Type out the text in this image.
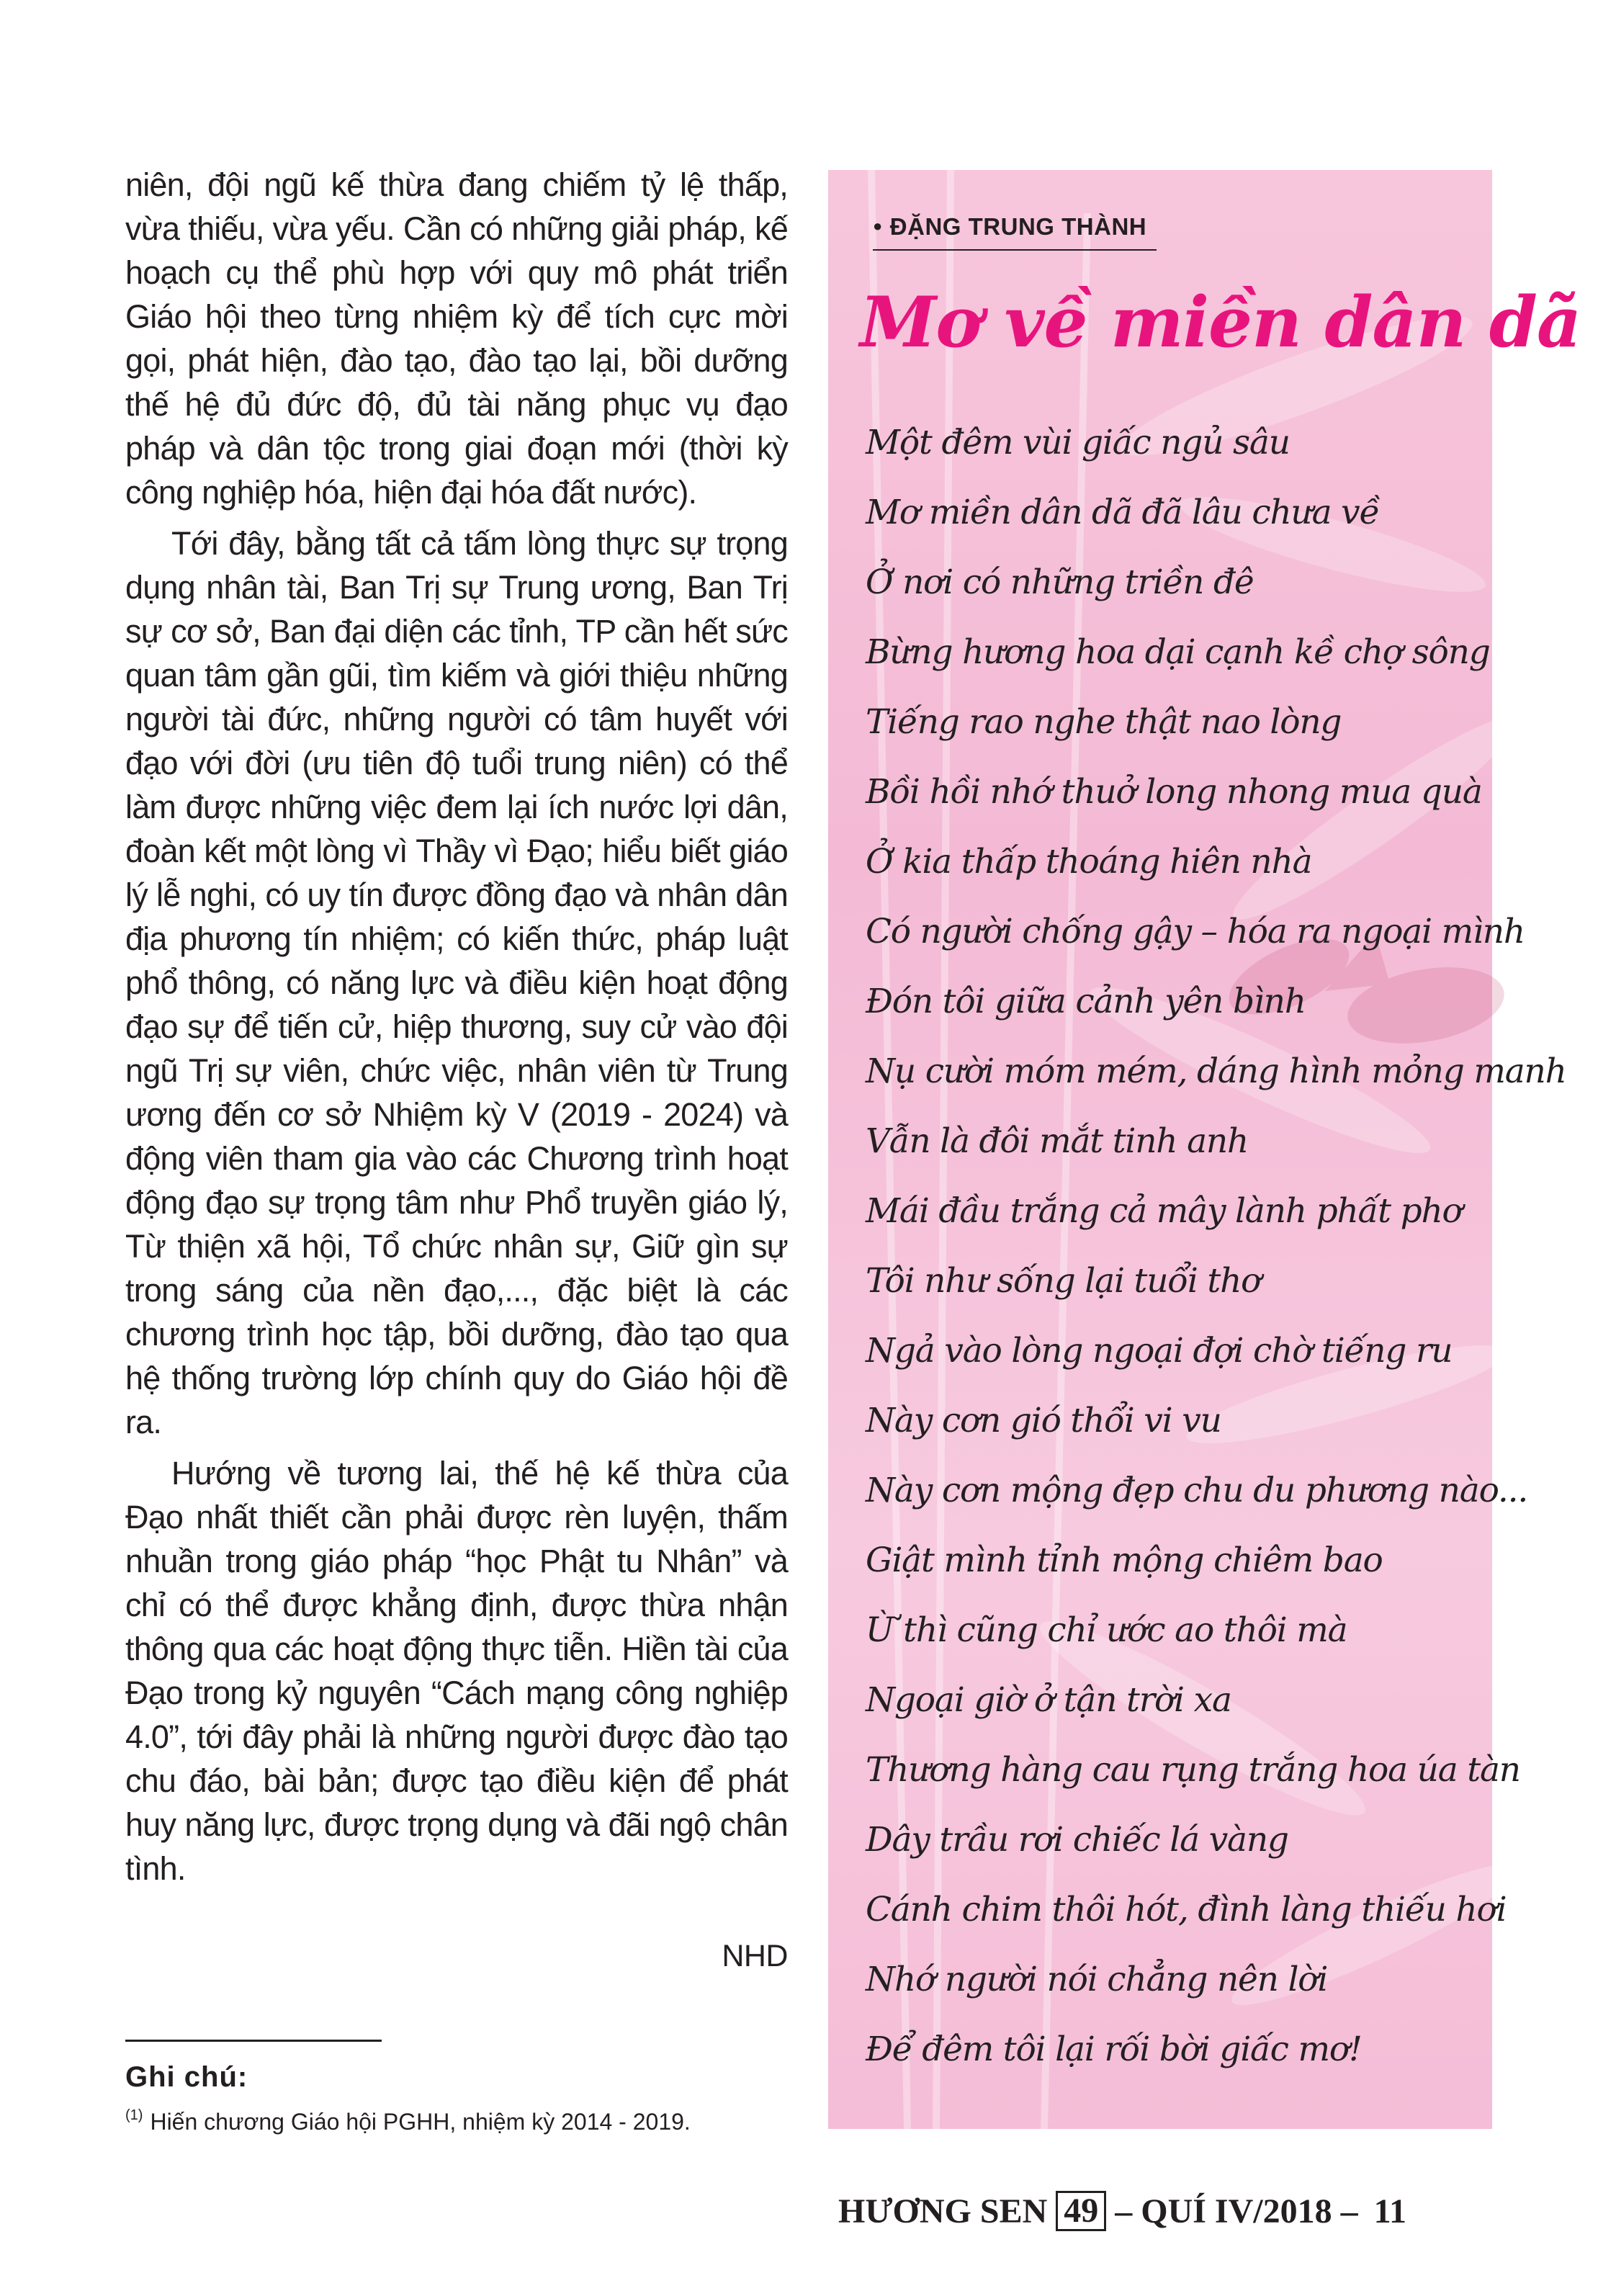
niên, đội ngũ kế thừa đang chiếm tỷ lệ thấp, vừa thiếu, vừa yếu. Cần có những giải pháp, kế hoạch cụ thể phù hợp với quy mô phát triển Giáo hội theo từng nhiệm kỳ để tích cực mời gọi, phát hiện, đào tạo, đào tạo lại, bồi dưỡng thế hệ đủ đức độ, đủ tài năng phục vụ đạo pháp và dân tộc trong giai đoạn mới (thời kỳ công nghiệp hóa, hiện đại hóa đất nước).

Tới đây, bằng tất cả tấm lòng thực sự trọng dụng nhân tài, Ban Trị sự Trung ương, Ban Trị sự cơ sở, Ban đại diện các tỉnh, TP cần hết sức quan tâm gần gũi, tìm kiếm và giới thiệu những người tài đức, những người có tâm huyết với đạo với đời (ưu tiên độ tuổi trung niên) có thể làm được những việc đem lại ích nước lợi dân, đoàn kết một lòng vì Thầy vì Đạo; hiểu biết giáo lý lễ nghi, có uy tín được đồng đạo và nhân dân địa phương tín nhiệm; có kiến thức, pháp luật phổ thông, có năng lực và điều kiện hoạt động đạo sự để tiến cử, hiệp thương, suy cử vào đội ngũ Trị sự viên, chức việc, nhân viên từ Trung ương đến cơ sở Nhiệm kỳ V (2019 - 2024) và động viên tham gia vào các Chương trình hoạt động đạo sự trọng tâm như Phổ truyền giáo lý, Từ thiện xã hội, Tổ chức nhân sự, Giữ gìn sự trong sáng của nền đạo,..., đặc biệt là các chương trình học tập, bồi dưỡng, đào tạo qua hệ thống trường lớp chính quy do Giáo hội đề ra.

Hướng về tương lai, thế hệ kế thừa của Đạo nhất thiết cần phải được rèn luyện, thấm nhuần trong giáo pháp “học Phật tu Nhân” và chỉ có thể được khẳng định, được thừa nhận thông qua các hoạt động thực tiễn. Hiền tài của Đạo trong kỷ nguyên “Cách mạng công nghiệp 4.0”, tới đây phải là những người được đào tạo chu đáo, bài bản; được tạo điều kiện để phát huy năng lực, được trọng dụng và đãi ngộ chân tình.

NHD
Ghi chú:
$^{(1)}$ Hiến chương Giáo hội PGHH, nhiệm kỳ 2014 - 2019.
● ĐẶNG TRUNG THÀNH
Mơ về miền dân dã
Một đêm vùi giấc ngủ sâu
Mơ miền dân dã đã lâu chưa về
Ở nơi có những triền đê
Bừng hương hoa dại cạnh kề chợ sông
Tiếng rao nghe thật nao lòng
Bồi hồi nhớ thuở long nhong mua quà
Ở kia thấp thoáng hiên nhà
Có người chống gậy – hóa ra ngoại mình
Đón tôi giữa cảnh yên bình
Nụ cười móm mém, dáng hình mỏng manh
Vẫn là đôi mắt tinh anh
Mái đầu trắng cả mây lành phất phơ
Tôi như sống lại tuổi thơ
Ngả vào lòng ngoại đợi chờ tiếng ru
Này cơn gió thổi vi vu
Này cơn mộng đẹp chu du phương nào...
Giật mình tỉnh mộng chiêm bao
Ừ thì cũng chỉ ước ao thôi mà
Ngoại giờ ở tận trời xa
Thương hàng cau rụng trắng hoa úa tàn
Dây trầu rơi chiếc lá vàng
Cánh chim thôi hót, đình làng thiếu hơi
Nhớ người nói chẳng nên lời
Để đêm tôi lại rối bời giấc mơ!
HƯƠNG SEN 49 – QUÍ IV/2018 – 11
